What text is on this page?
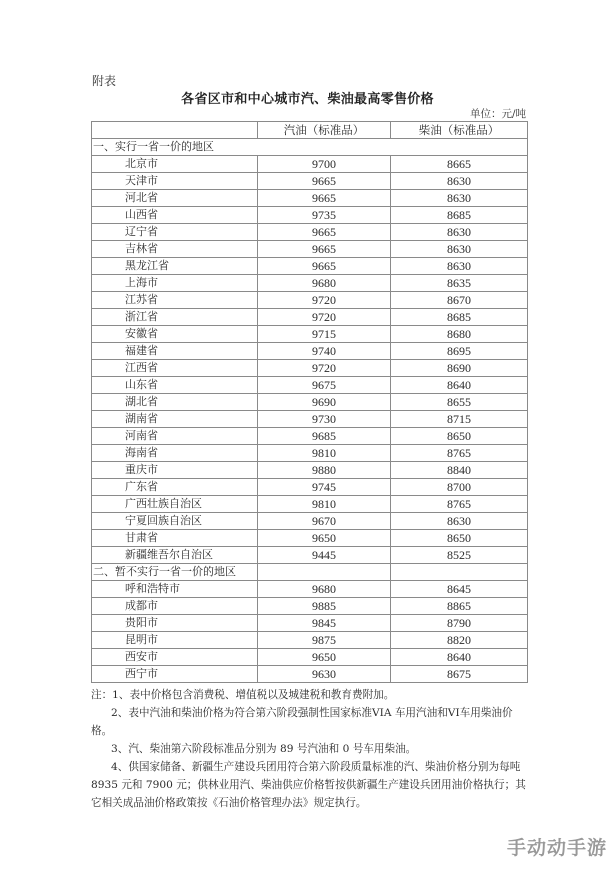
附表
各省区市和中心城市汽、柴油最高零售价格
单位：元/吨
	汽油（标准品）	柴油（标准品）
一、实行一省一价的地区		
北京市	9700	8665
天津市	9665	8630
河北省	9665	8630
山西省	9735	8685
辽宁省	9665	8630
吉林省	9665	8630
黑龙江省	9665	8630
上海市	9680	8635
江苏省	9720	8670
浙江省	9720	8685
安徽省	9715	8680
福建省	9740	8695
江西省	9720	8690
山东省	9675	8640
湖北省	9690	8655
湖南省	9730	8715
河南省	9685	8650
海南省	9810	8765
重庆市	9880	8840
广东省	9745	8700
广西壮族自治区	9810	8765
宁夏回族自治区	9670	8630
甘肃省	9650	8650
新疆维吾尔自治区	9445	8525
二、暂不实行一省一价的地区		
呼和浩特市	9680	8645
成都市	9885	8865
贵阳市	9845	8790
昆明市	9875	8820
西安市	9650	8640
西宁市	9630	8675

注：1、表中价格包含消费税、增值税以及城建税和教育费附加。

2、表中汽油和柴油价格为符合第六阶段强制性国家标准VIA 车用汽油和VI车用柴油价格。

3、汽、柴油第六阶段标准品分别为 89 号汽油和 0 号车用柴油。

4、供国家储备、新疆生产建设兵团用符合第六阶段质量标准的汽、柴油价格分别为每吨 8935 元和 7900 元；供林业用汽、柴油供应价格暂按供新疆生产建设兵团用油价格执行；其它相关成品油价格政策按《石油价格管理办法》规定执行。

手动动手游
